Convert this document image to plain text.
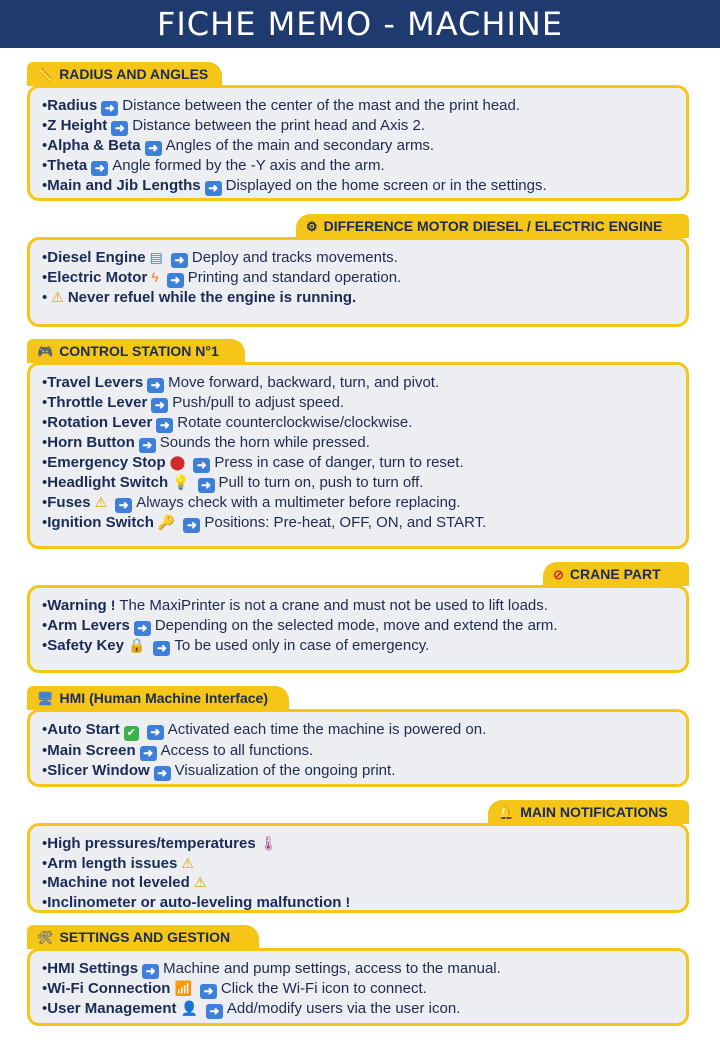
FICHE MEMO - MACHINE
📏 RADIUS AND ANGLES
•Radius ➜ Distance between the center of the mast and the print head.
•Z Height ➜ Distance between the print head and Axis 2.
•Alpha & Beta ➜ Angles of the main and secondary arms.
•Theta ➜ Angle formed by the -Y axis and the arm.
•Main and Jib Lengths ➜ Displayed on the home screen or in the settings.
⚙ DIFFERENCE MOTOR DIESEL / ELECTRIC ENGINE
•Diesel Engine ▤ ➜ Deploy and tracks movements.
•Electric Motor ϟ ➜ Printing and standard operation.
• ⚠ Never refuel while the engine is running.
🎮 CONTROL STATION N°1
•Travel Levers ➜ Move forward, backward, turn, and pivot.
•Throttle Lever ➜ Push/pull to adjust speed.
•Rotation Lever ➜ Rotate counterclockwise/clockwise.
•Horn Button ➜ Sounds the horn while pressed.
•Emergency Stop ⬤ ➜ Press in case of danger, turn to reset.
•Headlight Switch 💡 ➜ Pull to turn on, push to turn off.
•Fuses ⚠ ➜ Always check with a multimeter before replacing.
•Ignition Switch 🔑 ➜ Positions: Pre-heat, OFF, ON, and START.
⊘ CRANE PART
•Warning ! The MaxiPrinter is not a crane and must not be used to lift loads.
•Arm Levers ➜ Depending on the selected mode, move and extend the arm.
•Safety Key 🔒 ➜ To be used only in case of emergency.
🖥 HMI (Human Machine Interface)
•Auto Start ✔ ➜ Activated each time the machine is powered on.
•Main Screen ➜ Access to all functions.
•Slicer Window ➜ Visualization of the ongoing print.
🔔 MAIN NOTIFICATIONS
•High pressures/temperatures 🌡
•Arm length issues ⚠
•Machine not leveled ⚠
•Inclinometer or auto-leveling malfunction !
🛠 SETTINGS AND GESTION
•HMI Settings ➜ Machine and pump settings, access to the manual.
•Wi-Fi Connection 📶 ➜ Click the Wi-Fi icon to connect.
•User Management 👤 ➜ Add/modify users via the user icon.
